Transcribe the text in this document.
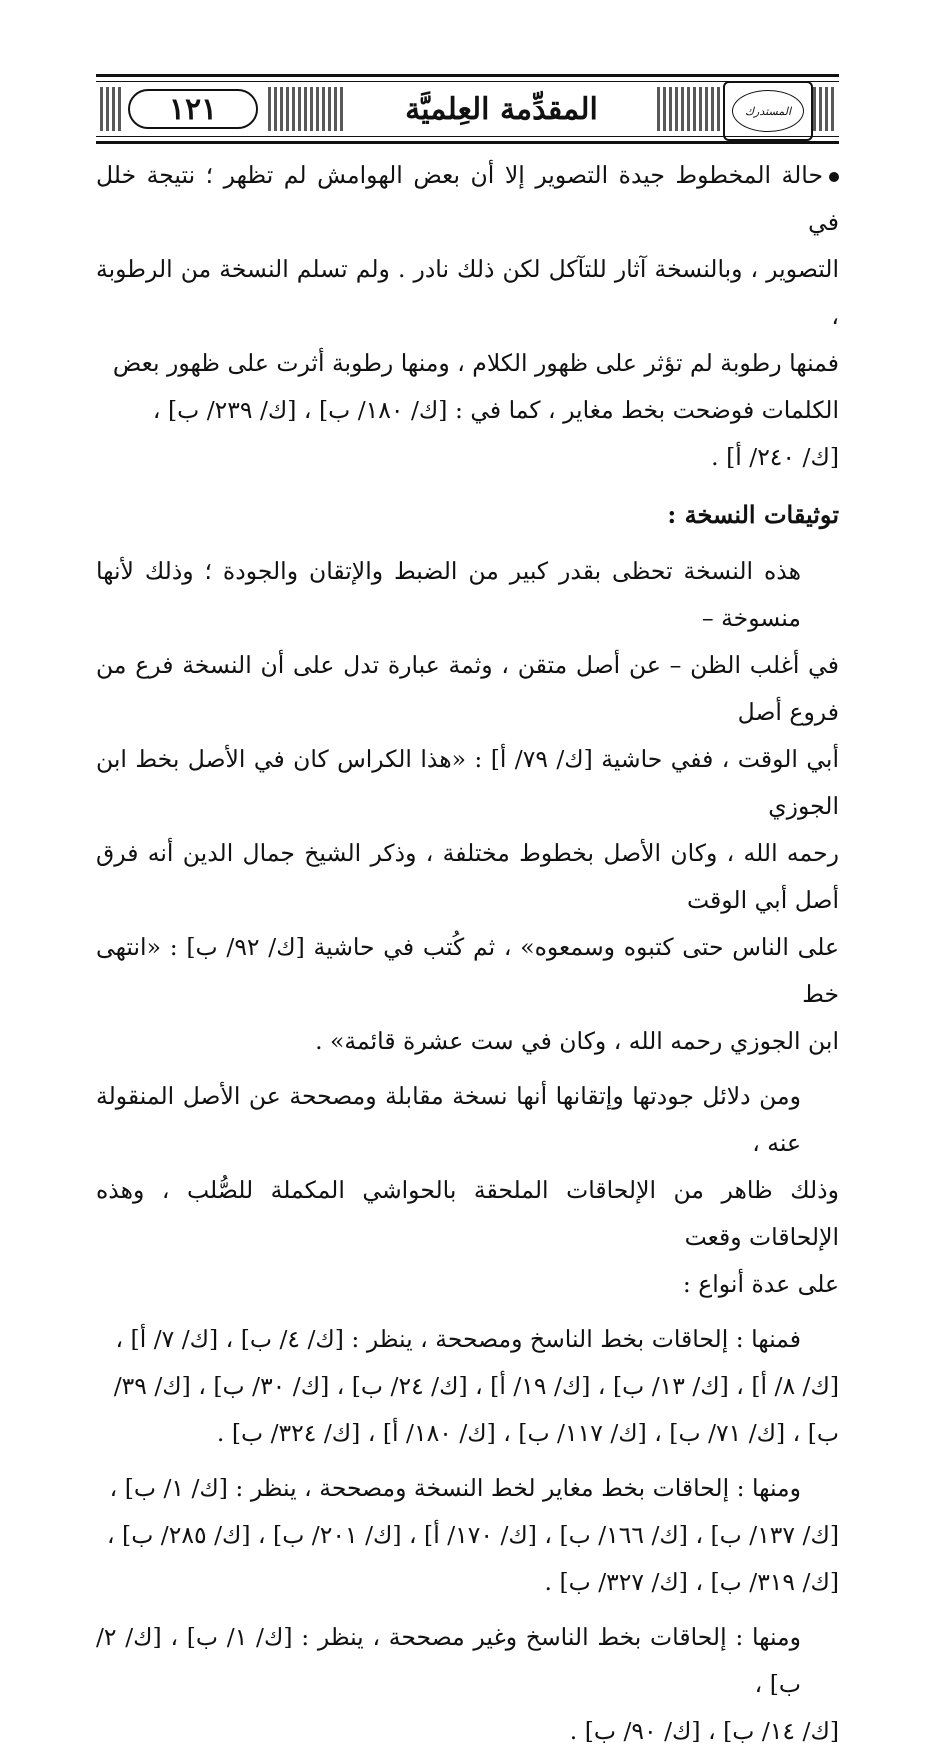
١٢١	المقدِّمة العِلميَّة	المستدرك

حالة المخطوط جيدة التصوير إلا أن بعض الهوامش لم تظهر ؛ نتيجة خلل في
التصوير ، وبالنسخة آثار للتآكل لكن ذلك نادر . ولم تسلم النسخة من الرطوبة ،
فمنها رطوبة لم تؤثر على ظهور الكلام ، ومنها رطوبة أثرت على ظهور بعض
الكلمات فوضحت بخط مغاير ، كما في : [ك/ ١٨٠/ ب] ، [ك/ ٢٣٩/ ب] ،
[ك/ ٢٤٠/ أ] .

توثيقات النسخة :

هذه النسخة تحظى بقدر كبير من الضبط والإتقان والجودة ؛ وذلك لأنها منسوخة –
في أغلب الظن – عن أصل متقن ، وثمة عبارة تدل على أن النسخة فرع من فروع أصل
أبي الوقت ، ففي حاشية [ك/ ٧٩/ أ] : «هذا الكراس كان في الأصل بخط ابن الجوزي
رحمه الله ، وكان الأصل بخطوط مختلفة ، وذكر الشيخ جمال الدين أنه فرق أصل أبي الوقت
على الناس حتى كتبوه وسمعوه» ، ثم كُتب في حاشية [ك/ ٩٢/ ب] : «انتهى خط
ابن الجوزي رحمه الله ، وكان في ست عشرة قائمة» .

ومن دلائل جودتها وإتقانها أنها نسخة مقابلة ومصححة عن الأصل المنقولة عنه ،
وذلك ظاهر من الإلحاقات الملحقة بالحواشي المكملة للصُّلب ، وهذه الإلحاقات وقعت
على عدة أنواع :

فمنها : إلحاقات بخط الناسخ ومصححة ، ينظر : [ك/ ٤/ ب] ، [ك/ ٧/ أ] ،
[ك/ ٨/ أ] ، [ك/ ١٣/ ب] ، [ك/ ١٩/ أ] ، [ك/ ٢٤/ ب] ، [ك/ ٣٠/ ب] ، [ك/ ٣٩/
ب] ، [ك/ ٧١/ ب] ، [ك/ ١١٧/ ب] ، [ك/ ١٨٠/ أ] ، [ك/ ٣٢٤/ ب] .

ومنها : إلحاقات بخط مغاير لخط النسخة ومصححة ، ينظر : [ك/ ١/ ب] ،
[ك/ ١٣٧/ ب] ، [ك/ ١٦٦/ ب] ، [ك/ ١٧٠/ أ] ، [ك/ ٢٠١/ ب] ، [ك/ ٢٨٥/ ب] ،
[ك/ ٣١٩/ ب] ، [ك/ ٣٢٧/ ب] .

ومنها : إلحاقات بخط الناسخ وغير مصححة ، ينظر : [ك/ ١/ ب] ، [ك/ ٢/ ب] ،
[ك/ ١٤/ ب] ، [ك/ ٩٠/ ب] .
